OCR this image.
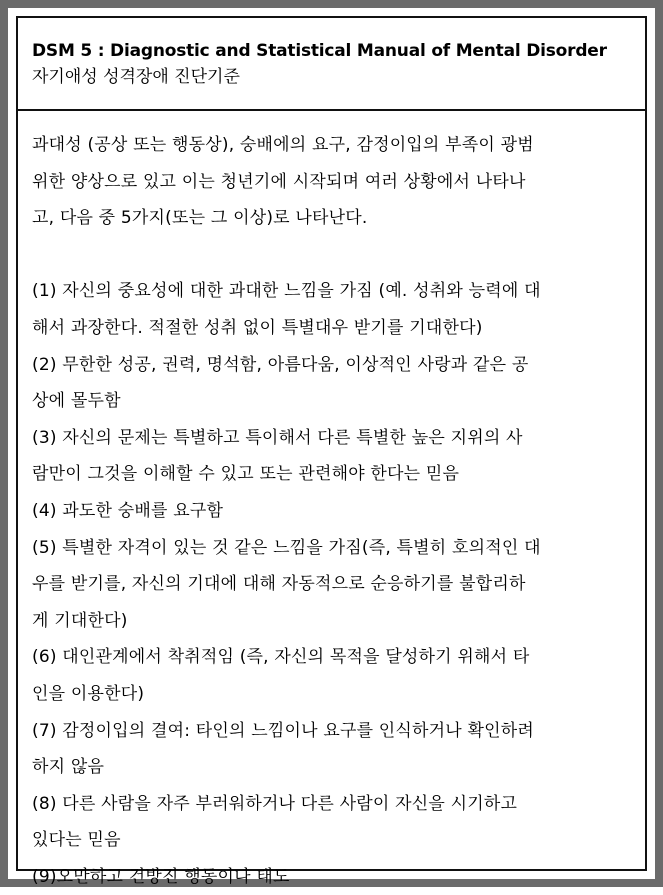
DSM 5 : Diagnostic and Statistical Manual of Mental Disorder
자기애성 성격장애 진단기준
과대성 (공상 또는 행동상), 숭배에의 요구, 감정이입의 부족이 광범
위한 양상으로 있고 이는 청년기에 시작되며 여러 상황에서 나타나
고, 다음 중 5가지(또는 그 이상)로 나타난다.
(1) 자신의 중요성에 대한 과대한 느낌을 가짐 (예. 성취와 능력에 대
해서 과장한다. 적절한 성취 없이 특별대우 받기를 기대한다)
(2) 무한한 성공, 권력, 명석함, 아름다움, 이상적인 사랑과 같은 공
상에 몰두함
(3) 자신의 문제는 특별하고 특이해서 다른 특별한 높은 지위의 사
람만이 그것을 이해할 수 있고 또는 관련해야 한다는 믿음
(4) 과도한 숭배를 요구함
(5) 특별한 자격이 있는 것 같은 느낌을 가짐(즉, 특별히 호의적인 대
우를 받기를, 자신의 기대에 대해 자동적으로 순응하기를 불합리하
게 기대한다)
(6) 대인관계에서 착취적임 (즉, 자신의 목적을 달성하기 위해서 타
인을 이용한다)
(7) 감정이입의 결여: 타인의 느낌이나 요구를 인식하거나 확인하려
하지 않음
(8) 다른 사람을 자주 부러워하거나 다른 사람이 자신을 시기하고
있다는 믿음
(9)오만하고 건방진 행동이나 태도
